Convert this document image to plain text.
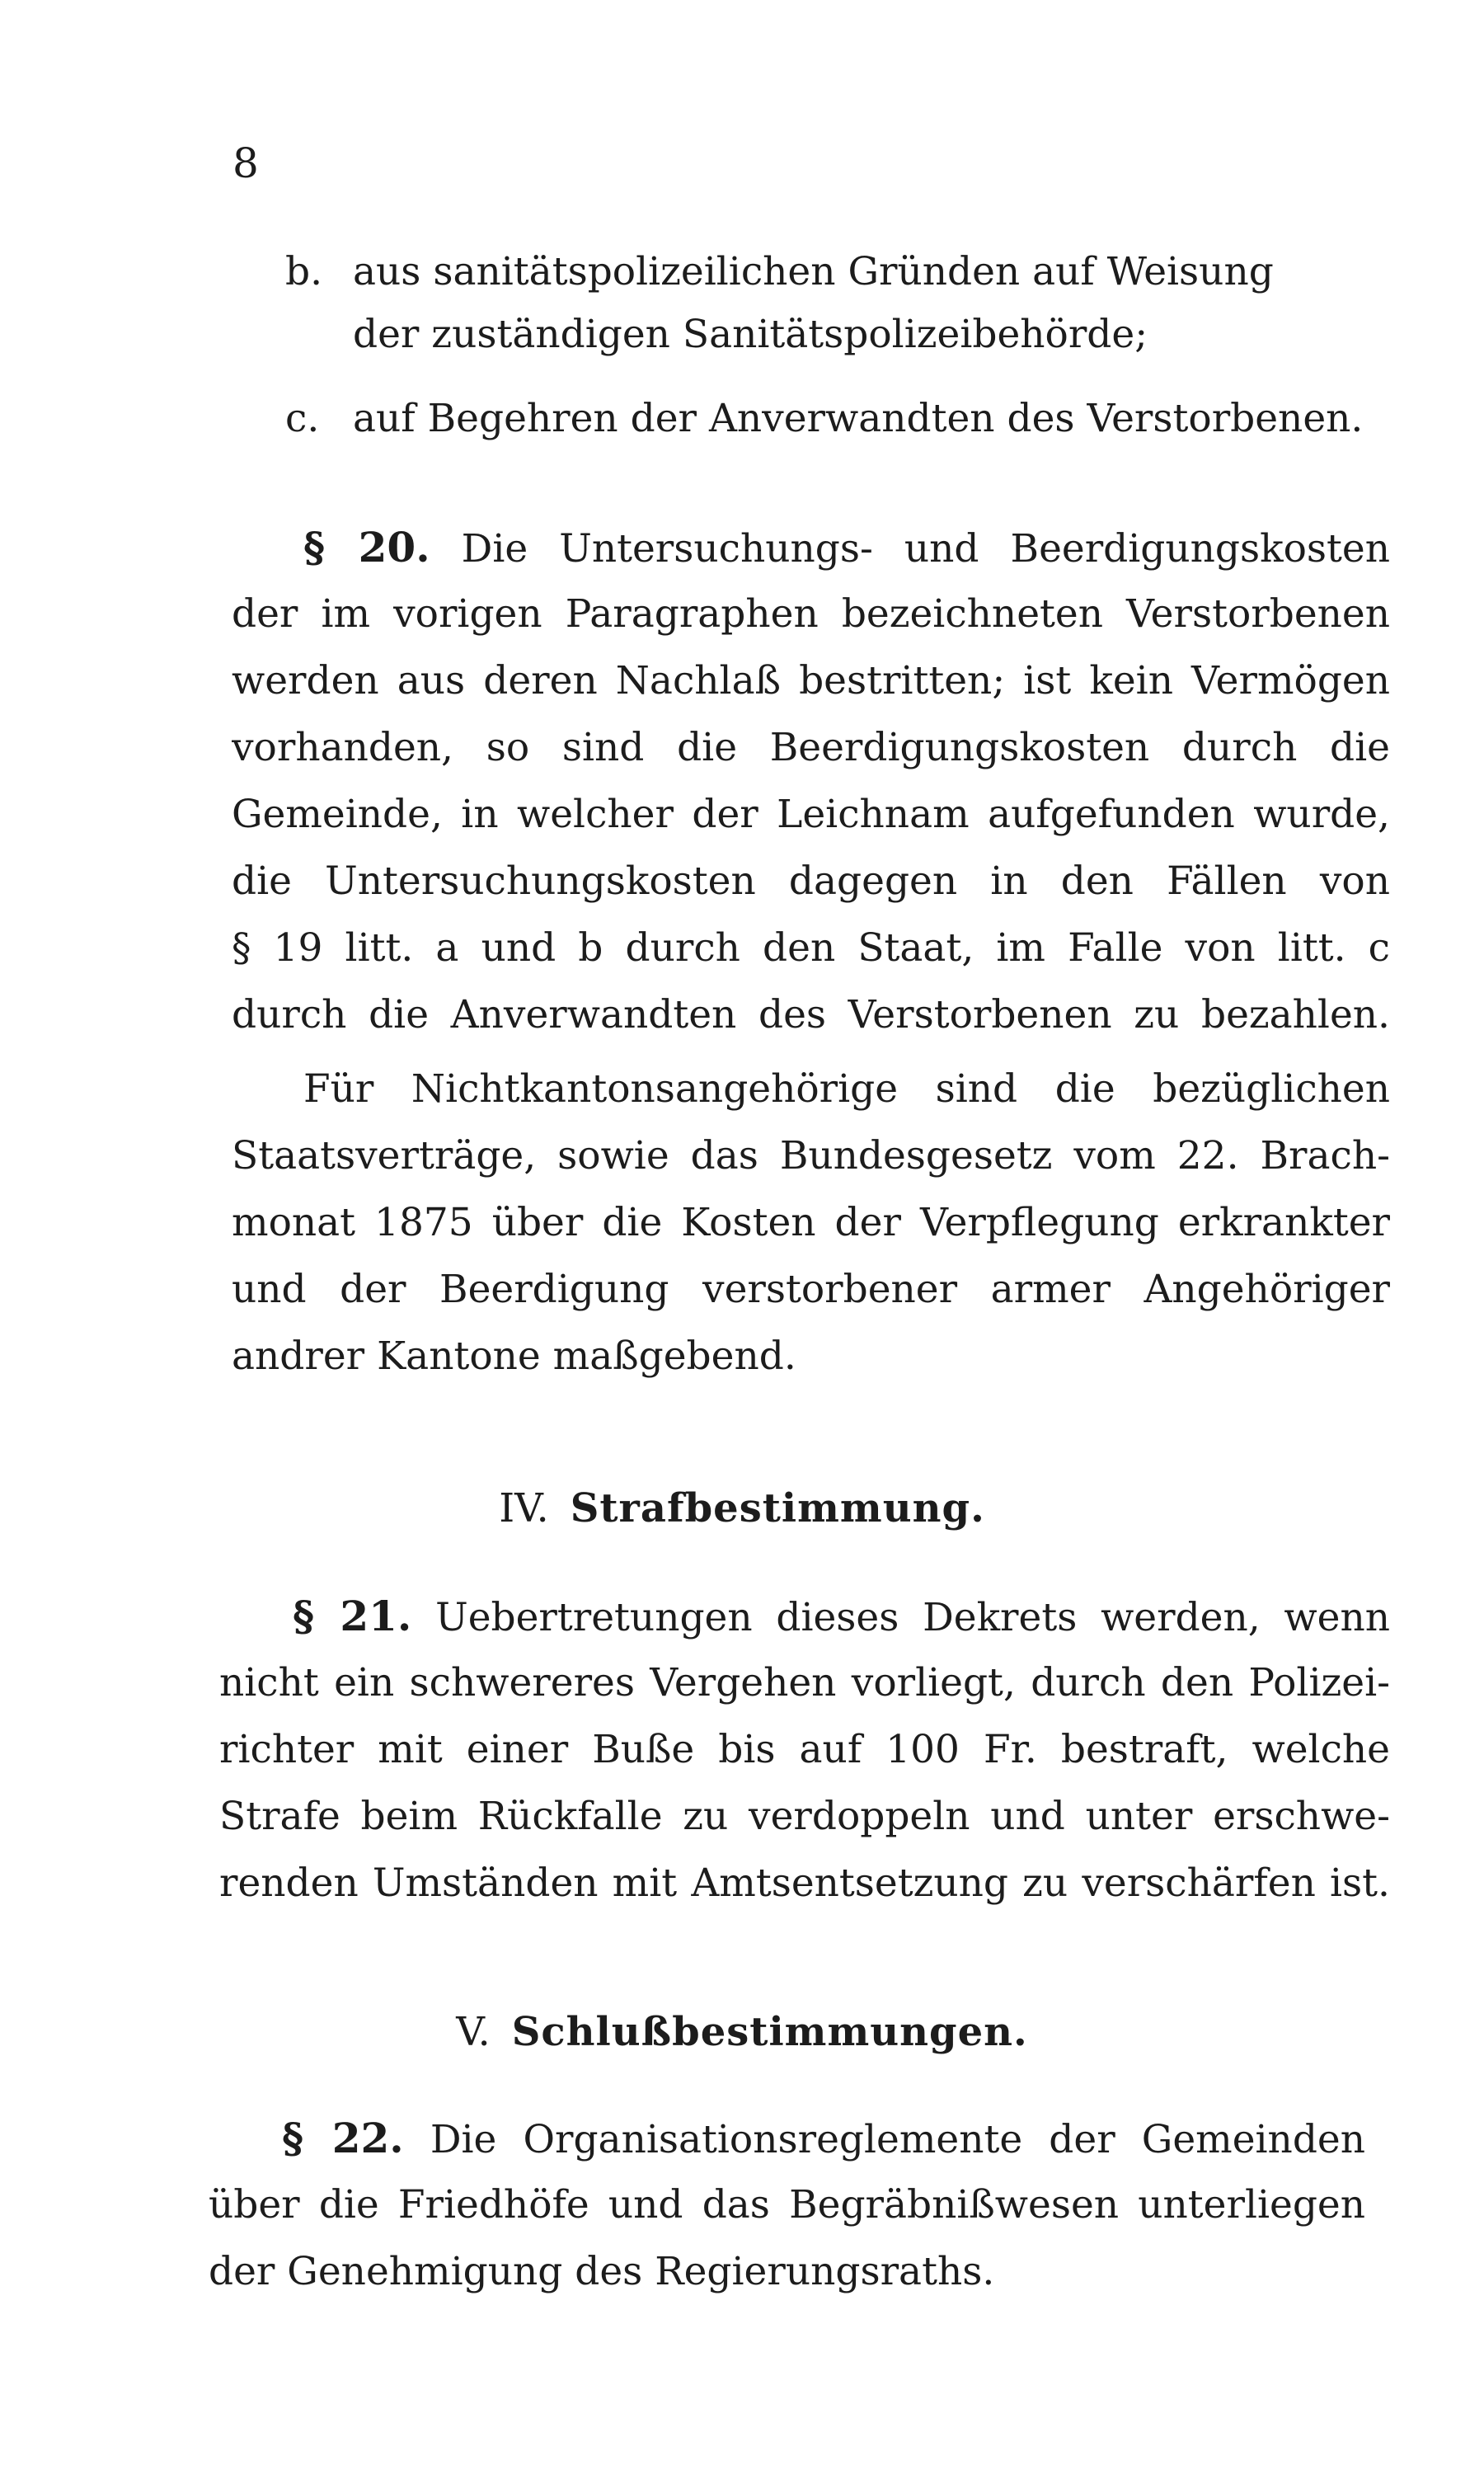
8
b. aus sanitätspolizeilichen Gründen auf Weisung
der zuständigen Sanitätspolizeibehörde;
c. auf Begehren der Anverwandten des Verstorbenen.
§ 20. Die Untersuchungs- und Beerdigungskosten
der im vorigen Paragraphen bezeichneten Verstorbenen
werden aus deren Nachlaß bestritten; ist kein Vermögen
vorhanden, so sind die Beerdigungskosten durch die
Gemeinde, in welcher der Leichnam aufgefunden wurde,
die Untersuchungskosten dagegen in den Fällen von
§ 19 litt. a und b durch den Staat, im Falle von litt. c
durch die Anverwandten des Verstorbenen zu bezahlen.
Für Nichtkantonsangehörige sind die bezüglichen
Staatsverträge, sowie das Bundesgesetz vom 22. Brach-
monat 1875 über die Kosten der Verpflegung erkrankter
und der Beerdigung verstorbener armer Angehöriger
andrer Kantone maßgebend.
IV. Strafbestimmung.
§ 21. Uebertretungen dieses Dekrets werden, wenn
nicht ein schwereres Vergehen vorliegt, durch den Polizei-
richter mit einer Buße bis auf 100 Fr. bestraft, welche
Strafe beim Rückfalle zu verdoppeln und unter erschwe-
renden Umständen mit Amtsentsetzung zu verschärfen ist.
V. Schlußbestimmungen.
§ 22. Die Organisationsreglemente der Gemeinden
über die Friedhöfe und das Begräbnißwesen unterliegen
der Genehmigung des Regierungsraths.
